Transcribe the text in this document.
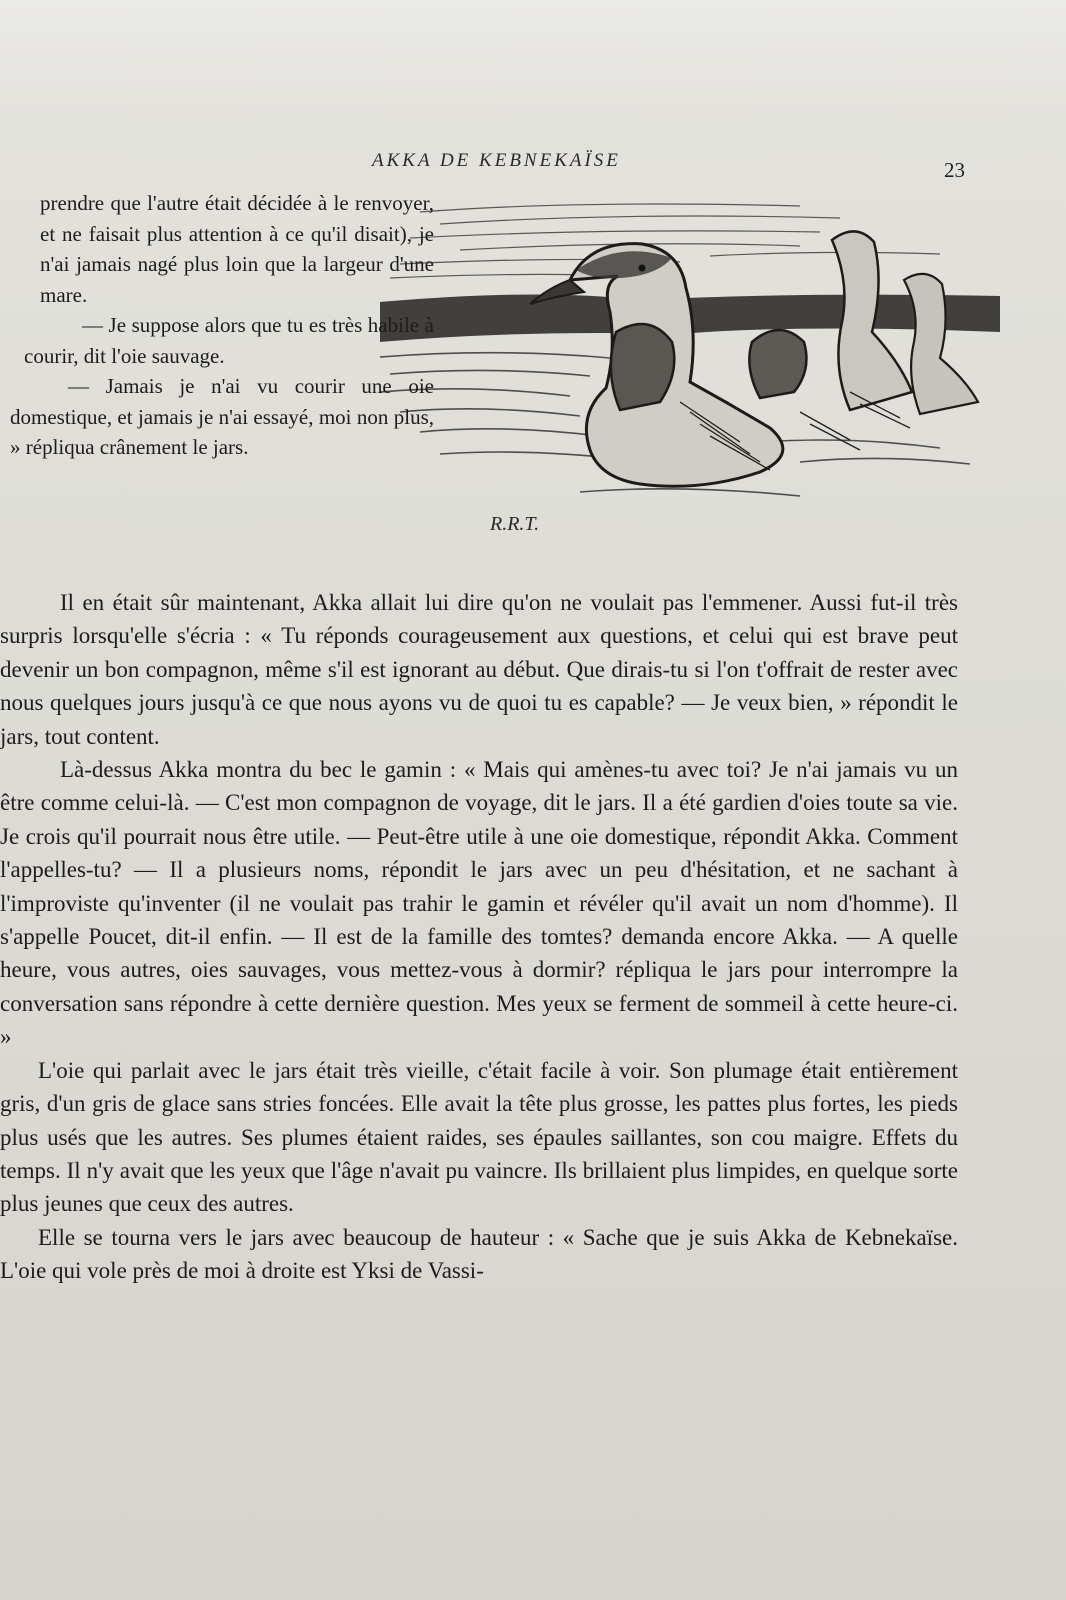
AKKA DE KEBNEKAÏSE	23
R.R.T.

prendre que l'autre était décidée à le renvoyer, et ne faisait plus attention à ce qu'il disait), je n'ai jamais nagé plus loin que la largeur d'une mare.

— Je suppose alors que tu es très habile à courir, dit l'oie sauvage.

— Jamais je n'ai vu courir une oie domestique, et jamais je n'ai essayé, moi non plus, » répliqua crânement le jars.

Il en était sûr maintenant, Akka allait lui dire qu'on ne voulait pas l'emmener. Aussi fut-il très surpris lorsqu'elle s'écria : « Tu réponds courageusement aux questions, et celui qui est brave peut devenir un bon compagnon, même s'il est ignorant au début. Que dirais-tu si l'on t'offrait de rester avec nous quelques jours jusqu'à ce que nous ayons vu de quoi tu es capable? — Je veux bien, » répondit le jars, tout content.

Là-dessus Akka montra du bec le gamin : « Mais qui amènes-tu avec toi? Je n'ai jamais vu un être comme celui-là. — C'est mon compagnon de voyage, dit le jars. Il a été gardien d'oies toute sa vie. Je crois qu'il pourrait nous être utile. — Peut-être utile à une oie domestique, répondit Akka. Comment l'appelles-tu? — Il a plusieurs noms, répondit le jars avec un peu d'hésitation, et ne sachant à l'improviste qu'inventer (il ne voulait pas trahir le gamin et révéler qu'il avait un nom d'homme). Il s'appelle Poucet, dit-il enfin. — Il est de la famille des tomtes? demanda encore Akka. — A quelle heure, vous autres, oies sauvages, vous mettez-vous à dormir? répliqua le jars pour interrompre la conversation sans répondre à cette dernière question. Mes yeux se ferment de sommeil à cette heure-ci. »

L'oie qui parlait avec le jars était très vieille, c'était facile à voir. Son plumage était entièrement gris, d'un gris de glace sans stries foncées. Elle avait la tête plus grosse, les pattes plus fortes, les pieds plus usés que les autres. Ses plumes étaient raides, ses épaules saillantes, son cou maigre. Effets du temps. Il n'y avait que les yeux que l'âge n'avait pu vaincre. Ils brillaient plus limpides, en quelque sorte plus jeunes que ceux des autres.

Elle se tourna vers le jars avec beaucoup de hauteur : « Sache que je suis Akka de Kebnekaïse. L'oie qui vole près de moi à droite est Yksi de Vassi-
